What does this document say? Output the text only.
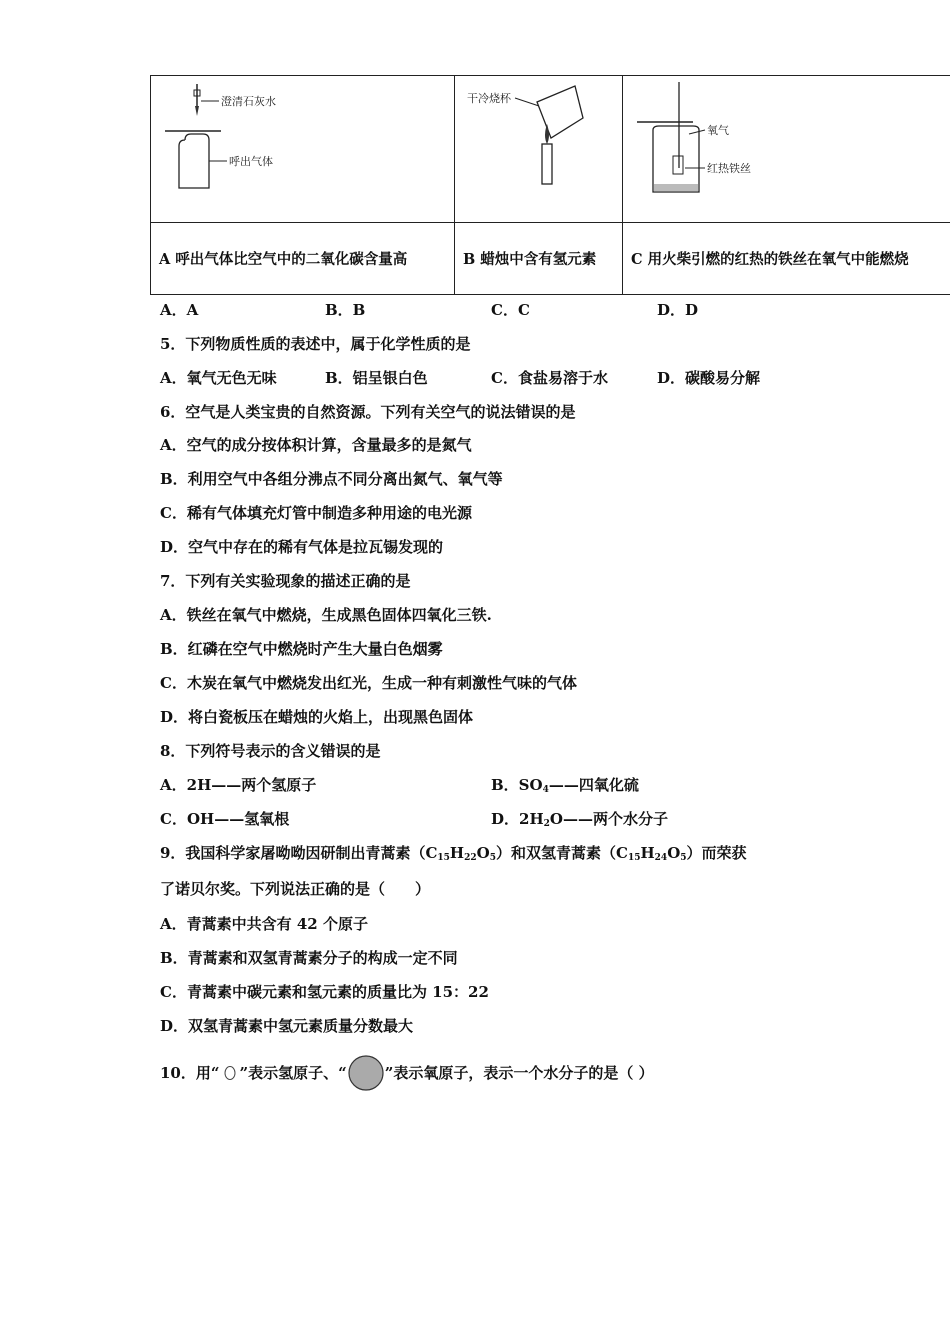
澄清石灰水
呼出气体	干冷烧杯	氧气
红热铁丝

A 呼出气体比空气中的二氧化碳含量高	B 蜡烛中含有氢元素	C 用火柴引燃的红热的铁丝在氧气中能燃烧
A．A	B．B	C．C	D．D
5．下列物质性质的表述中，属于化学性质的是
A．氧气无色无味	B．铝呈银白色	C．食盐易溶于水	D．碳酸易分解
6．空气是人类宝贵的自然资源。下列有关空气的说法错误的是
A．空气的成分按体积计算，含量最多的是氮气
B．利用空气中各组分沸点不同分离出氮气、氧气等
C．稀有气体填充灯管中制造多种用途的电光源
D．空气中存在的稀有气体是拉瓦锡发现的
7．下列有关实验现象的描述正确的是
A．铁丝在氧气中燃烧，生成黑色固体四氧化三铁.
B．红磷在空气中燃烧时产生大量白色烟雾
C．木炭在氧气中燃烧发出红光，生成一种有刺激性气味的气体
D．将白瓷板压在蜡烛的火焰上，出现黑色固体
8．下列符号表示的含义错误的是
A．2H——两个氢原子	B．$SO_4——$四氧化硫
C．OH——氢氧根	D．$2H_2O——$两个水分子
9．我国科学家屠呦呦因研制出青蒿素$(C_{15}H_{22}O_5)$和双氢青蒿素$(C_{15}H_{24}O_5)$而荣获
了诺贝尔奖。下列说法正确的是（　　）
A．青蒿素中共含有 42 个原子
B．青蒿素和双氢青蒿素分子的构成一定不同
C．青蒿素中碳元素和氢元素的质量比为 15：22
D．双氢青蒿素中氢元素质量分数最大
10．用“ ”表示氢原子、“	”表示氧原子，表示一个水分子的是（ ）
